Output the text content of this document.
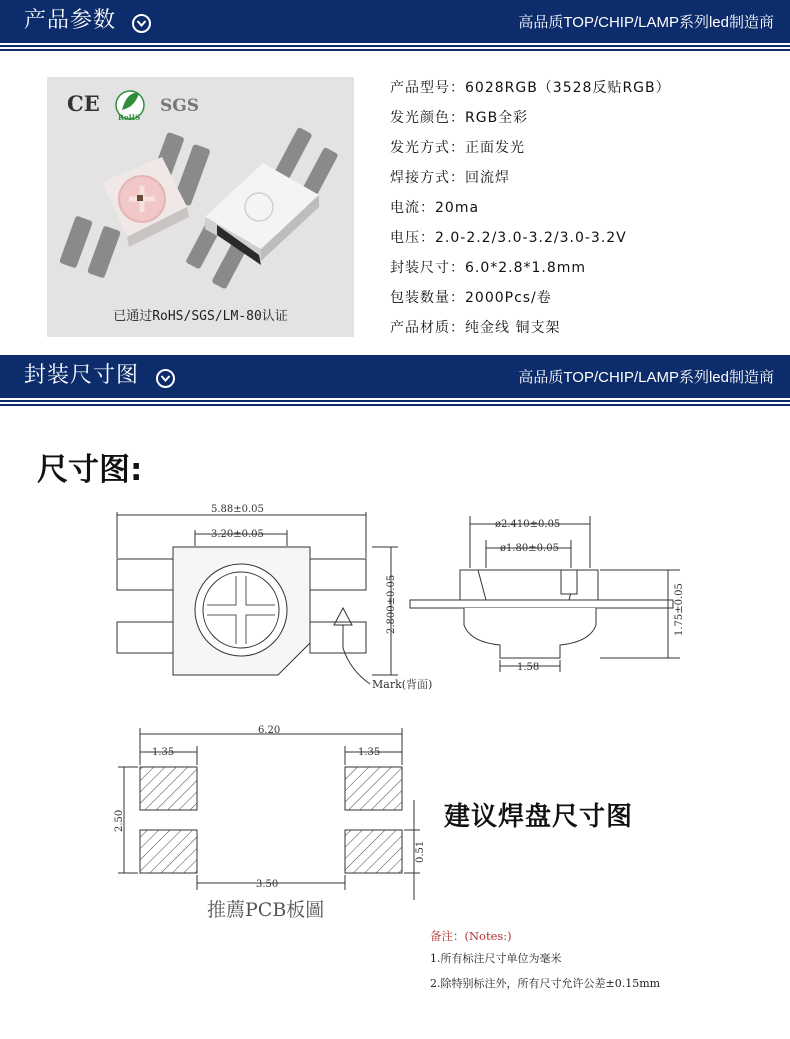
产品参数	高品质TOP/CHIP/LAMP系列led制造商
CE
RoHS
SGS
已通过RoHS/SGS/LM-80认证
产品型号：6028RGB（3528反贴RGB）
发光颜色：RGB全彩
发光方式：正面发光
焊接方式：回流焊
电流：20ma
电压：2.0-2.2/3.0-3.2/3.0-3.2V
封装尺寸：6.0*2.8*1.8mm
包装数量：2000Pcs/卷
产品材质：纯金线 铜支架
封装尺寸图	高品质TOP/CHIP/LAMP系列led制造商
尺寸图:
5.88±0.05
3.20±0.05
2.800±0.05
Mark(背面)
ø2.410±0.05
ø1.80±0.05
1.75±0.05
1.58
6.20
1.35	1.35
2.50
0.51
3.50
推薦PCB板圖
建议焊盘尺寸图
备注：(Notes:)
1.所有标注尺寸单位为毫米
2.除特别标注外，所有尺寸允许公差±0.15mm
